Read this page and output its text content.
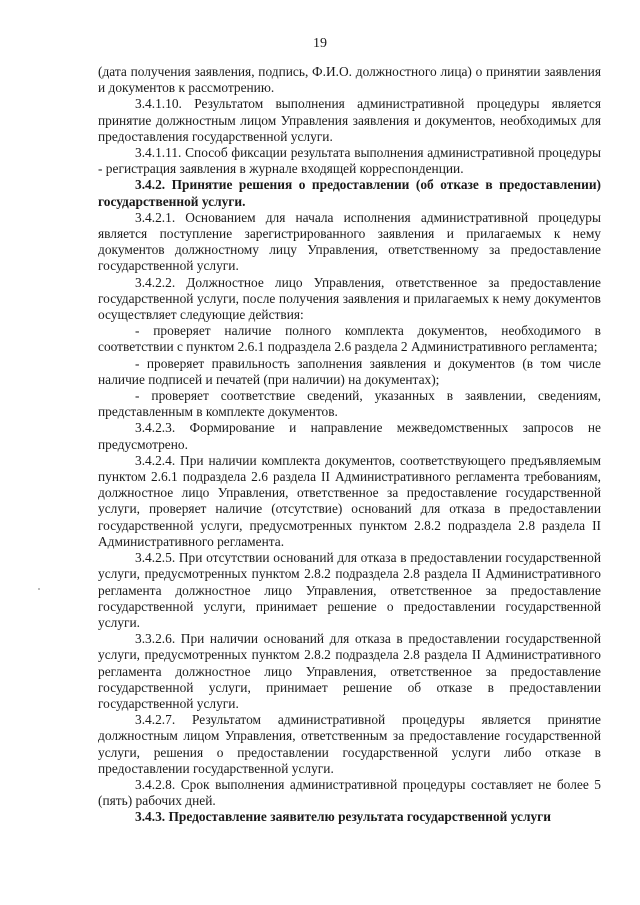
19

(дата получения заявления, подпись, Ф.И.О. должностного лица) о принятии заявления и документов к рассмотрению.

3.4.1.10. Результатом выполнения административной процедуры является принятие должностным лицом Управления заявления и документов, необходимых для предоставления государственной услуги.

3.4.1.11. Способ фиксации результата выполнения административной процедуры - регистрация заявления в журнале входящей корреспонденции.

3.4.2. Принятие решения о предоставлении (об отказе в предоставлении) государственной услуги.

3.4.2.1. Основанием для начала исполнения административной процедуры является поступление зарегистрированного заявления и прилагаемых к нему документов должностному лицу Управления, ответственному за предоставление государственной услуги.

3.4.2.2. Должностное лицо Управления, ответственное за предоставление государственной услуги, после получения заявления и прилагаемых к нему документов осуществляет следующие действия:

- проверяет наличие полного комплекта документов, необходимого в соответствии с пунктом 2.6.1 подраздела 2.6 раздела 2 Административного регламента;

- проверяет правильность заполнения заявления и документов (в том числе наличие подписей и печатей (при наличии) на документах);

- проверяет соответствие сведений, указанных в заявлении, сведениям, представленным в комплекте документов.

3.4.2.3. Формирование и направление межведомственных запросов не предусмотрено.

3.4.2.4. При наличии комплекта документов, соответствующего предъявляемым пунктом 2.6.1 подраздела 2.6 раздела II Административного регламента требованиям, должностное лицо Управления, ответственное за предоставление государственной услуги, проверяет наличие (отсутствие) оснований для отказа в предоставлении государственной услуги, предусмотренных пунктом 2.8.2 подраздела 2.8 раздела II Административного регламента.

3.4.2.5. При отсутствии оснований для отказа в предоставлении государственной услуги, предусмотренных пунктом 2.8.2 подраздела 2.8 раздела II Административного регламента должностное лицо Управления, ответственное за предоставление государственной услуги, принимает решение о предоставлении государственной услуги.

3.3.2.6. При наличии оснований для отказа в предоставлении государственной услуги, предусмотренных пунктом 2.8.2 подраздела 2.8 раздела II Административного регламента должностное лицо Управления, ответственное за предоставление государственной услуги, принимает решение об отказе в предоставлении государственной услуги.

3.4.2.7. Результатом административной процедуры является принятие должностным лицом Управления, ответственным за предоставление государственной услуги, решения о предоставлении государственной услуги либо отказе в предоставлении государственной услуги.

3.4.2.8. Срок выполнения административной процедуры составляет не более 5 (пять) рабочих дней.

3.4.3. Предоставление заявителю результата государственной услуги
